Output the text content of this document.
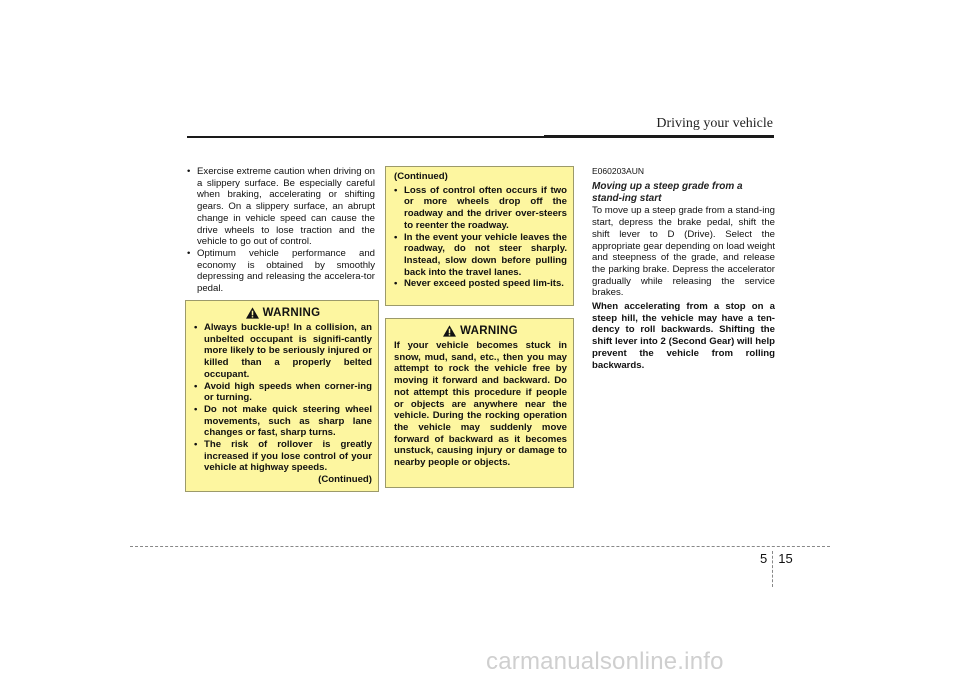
Driving your vehicle
• Exercise extreme caution when driving on a slippery surface. Be especially careful when braking, accelerating or shifting gears. On a slippery surface, an abrupt change in vehicle speed can cause the drive wheels to lose traction and the vehicle to go out of control.
• Optimum vehicle performance and economy is obtained by smoothly depressing and releasing the accelera-tor pedal.
WARNING
• Always buckle-up! In a collision, an unbelted occupant is signifi-cantly more likely to be seriously injured or killed than a properly belted occupant.
• Avoid high speeds when corner-ing or turning.
• Do not make quick steering wheel movements, such as sharp lane changes or fast, sharp turns.
• The risk of rollover is greatly increased if you lose control of your vehicle at highway speeds.
(Continued)

(Continued)

• Loss of control often occurs if two or more wheels drop off the roadway and the driver over-steers to reenter the roadway.
• In the event your vehicle leaves the roadway, do not steer sharply. Instead, slow down before pulling back into the travel lanes.
• Never exceed posted speed lim-its.
WARNING

If your vehicle becomes stuck in snow, mud, sand, etc., then you may attempt to rock the vehicle free by moving it forward and backward. Do not attempt this procedure if people or objects are anywhere near the vehicle. During the rocking operation the vehicle may suddenly move forward of backward as it becomes unstuck, causing injury or damage to nearby people or objects.

E060203AUN

Moving up a steep grade from a stand-ing start

To move up a steep grade from a stand-ing start, depress the brake pedal, shift the shift lever to D (Drive). Select the appropriate gear depending on load weight and steepness of the grade, and release the parking brake. Depress the accelerator gradually while releasing the service brakes.

When accelerating from a stop on a steep hill, the vehicle may have a ten-dency to roll backwards. Shifting the shift lever into 2 (Second Gear) will help prevent the vehicle from rolling backwards.

5 15
carmanualsonline.info
